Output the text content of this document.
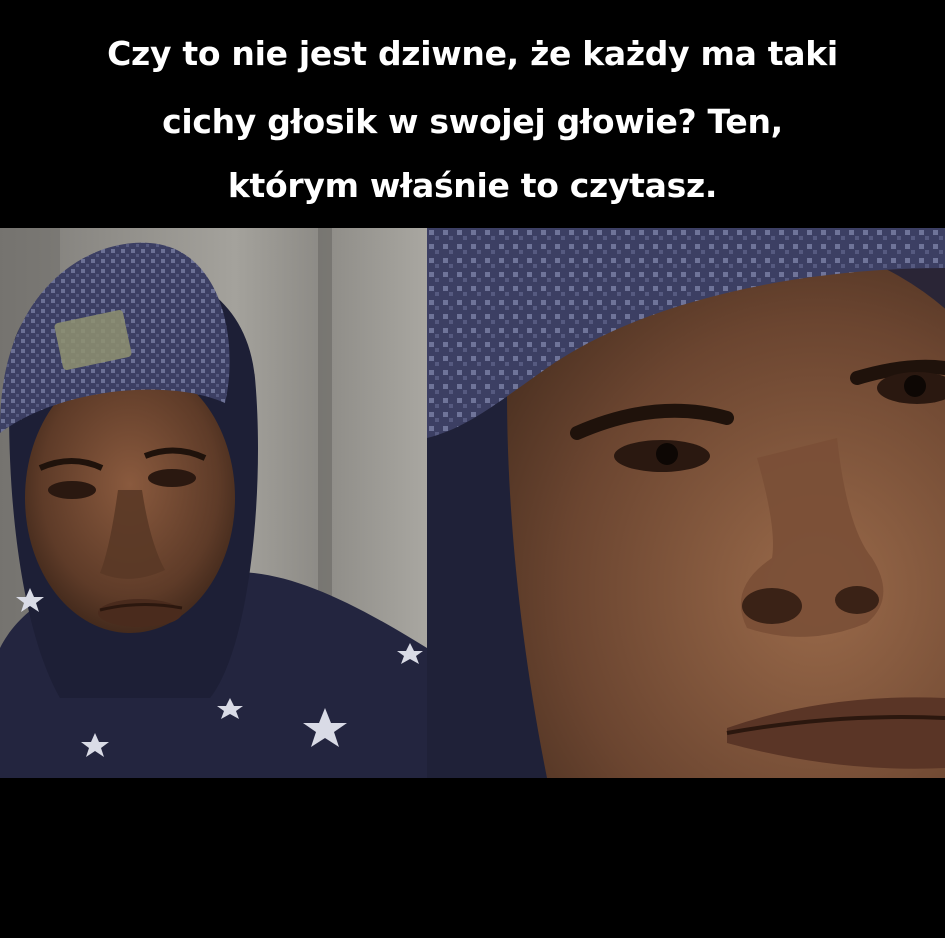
Czy to nie jest dziwne, że każdy ma taki
cichy głosik w swojej głowie? Ten,
którym właśnie to czytasz.
